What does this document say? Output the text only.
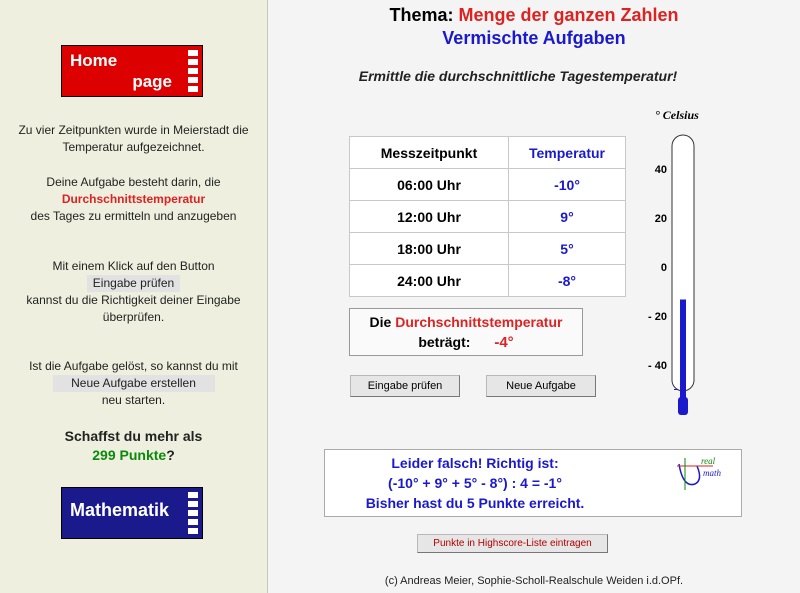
Home
page
Zu vier Zeitpunkten wurde in Meierstadt die
Temperatur aufgezeichnet.
Deine Aufgabe besteht darin, die
Durchschnittstemperatur
des Tages zu ermitteln und anzugeben
Mit einem Klick auf den Button
Eingabe prüfen
kannst du die Richtigkeit deiner Eingabe
überprüfen.
Ist die Aufgabe gelöst, so kannst du mit
Neue Aufgabe erstellen
neu starten.
Schaffst du mehr als
299 Punkte?
Mathematik
Thema: Menge der ganzen Zahlen
Vermischte Aufgaben
Ermittle die durchschnittliche Tagestemperatur!
Messzeitpunkt	Temperatur
06:00 Uhr	-10°
12:00 Uhr	9°
18:00 Uhr	5°
24:00 Uhr	-8°
Die Durchschnittstemperatur
beträgt: -4°
Eingabe prüfen	Neue Aufgabe
° Celsius
40
20
0
- 20
- 40
Leider falsch! Richtig ist:
(-10° + 9° + 5° - 8°) : 4 = -1°
Bisher hast du 5 Punkte erreicht.
real
math
Punkte in Highscore-Liste eintragen
(c) Andreas Meier, Sophie-Scholl-Realschule Weiden i.d.OPf.
